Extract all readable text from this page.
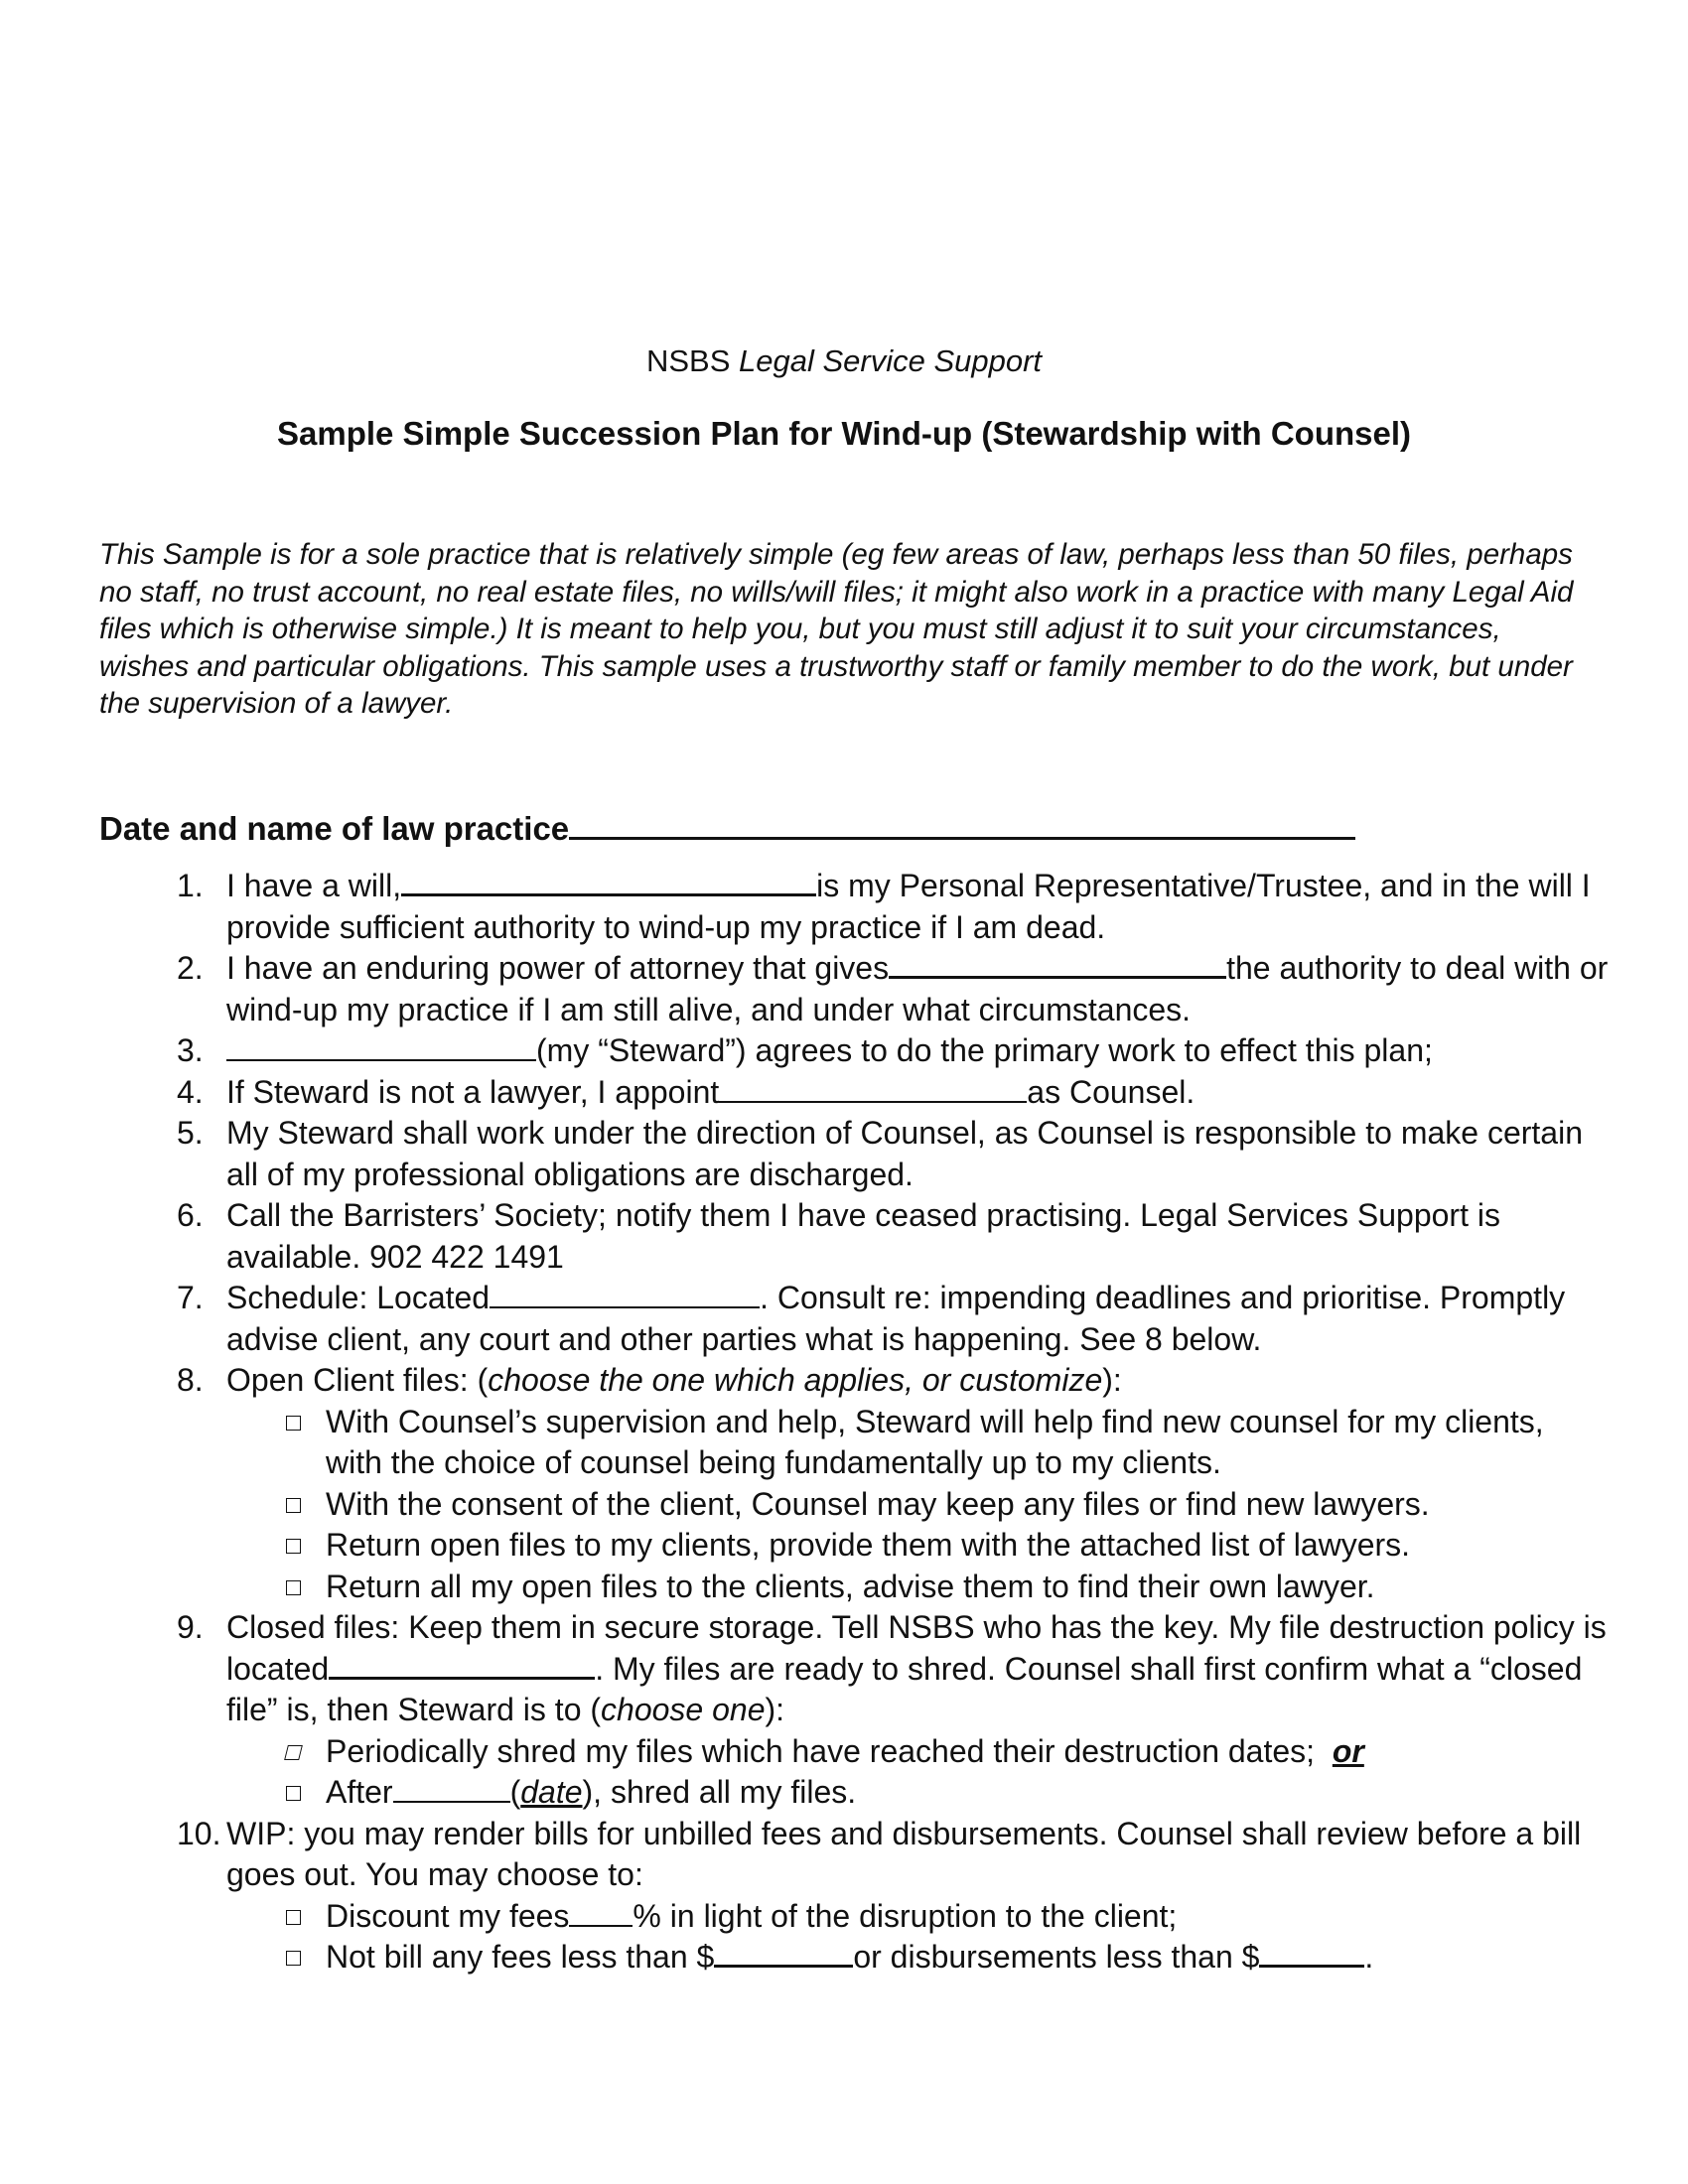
NSBS Legal Service Support
Sample Simple Succession Plan for Wind-up (Stewardship with Counsel)
This Sample is for a sole practice that is relatively simple (eg few areas of law, perhaps less than 50 files, perhaps no staff, no trust account, no real estate files, no wills/will files; it might also work in a practice with many Legal Aid files which is otherwise simple.) It is meant to help you, but you must still adjust it to suit your circumstances, wishes and particular obligations. This sample uses a trustworthy staff or family member to do the work, but under the supervision of a lawyer.
Date and name of law practice
1. I have a will,	is my Personal Representative/Trustee, and in the will I provide sufficient authority to wind-up my practice if I am dead.
2. I have an enduring power of attorney that gives	the authority to deal with or wind-up my practice if I am still alive, and under what circumstances.
3.	(my “Steward”) agrees to do the primary work to effect this plan;
4. If Steward is not a lawyer, I appoint	as Counsel.
5. My Steward shall work under the direction of Counsel, as Counsel is responsible to make certain all of my professional obligations are discharged.
6. Call the Barristers’ Society; notify them I have ceased practising. Legal Services Support is available. 902 422 1491
7. Schedule: Located	. Consult re: impending deadlines and prioritise. Promptly advise client, any court and other parties what is happening. See 8 below.
8. Open Client files: (choose the one which applies, or customize):
With Counsel’s supervision and help, Steward will help find new counsel for my clients, with the choice of counsel being fundamentally up to my clients.
With the consent of the client, Counsel may keep any files or find new lawyers.
Return open files to my clients, provide them with the attached list of lawyers.
Return all my open files to the clients, advise them to find their own lawyer.
9. Closed files: Keep them in secure storage. Tell NSBS who has the key. My file destruction policy is located	. My files are ready to shred. Counsel shall first confirm what a “closed file” is, then Steward is to (choose one):
Periodically shred my files which have reached their destruction dates; or
After	(date), shred all my files.
10. WIP: you may render bills for unbilled fees and disbursements. Counsel shall review before a bill goes out. You may choose to:
Discount my fees % in light of the disruption to the client;
Not bill any fees less than $	or disbursements less than $	.
